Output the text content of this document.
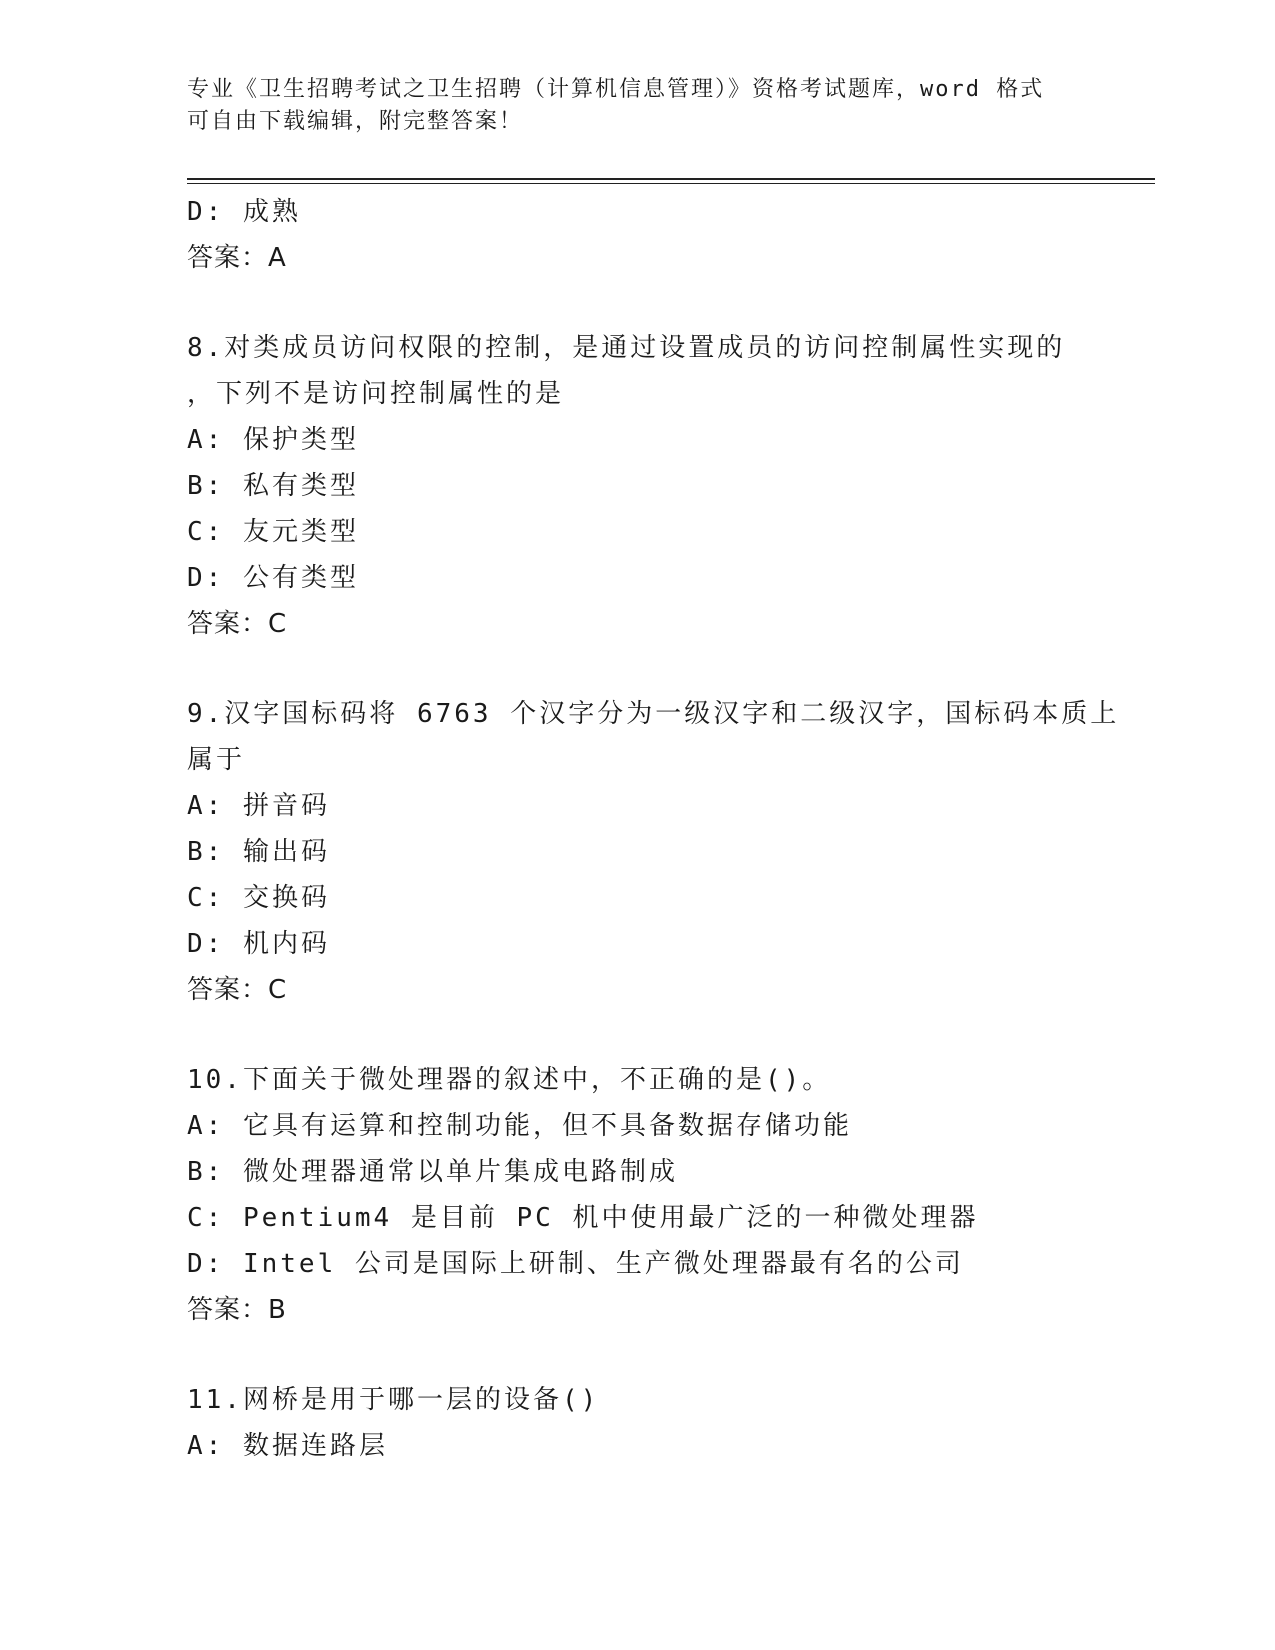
专业《卫生招聘考试之卫生招聘（计算机信息管理）》资格考试题库，word 格式
可自由下载编辑，附完整答案！
D: 成熟
答案：A
8.对类成员访问权限的控制，是通过设置成员的访问控制属性实现的
，下列不是访问控制属性的是
A: 保护类型
B: 私有类型
C: 友元类型
D: 公有类型
答案：C
9.汉字国标码将 6763 个汉字分为一级汉字和二级汉字，国标码本质上
属于
A: 拼音码
B: 输出码
C: 交换码
D: 机内码
答案：C
10.下面关于微处理器的叙述中，不正确的是()。
A: 它具有运算和控制功能，但不具备数据存储功能
B: 微处理器通常以单片集成电路制成
C: Pentium4 是目前 PC 机中使用最广泛的一种微处理器
D: Intel 公司是国际上研制、生产微处理器最有名的公司
答案：B
11.网桥是用于哪一层的设备()
A: 数据连路层
